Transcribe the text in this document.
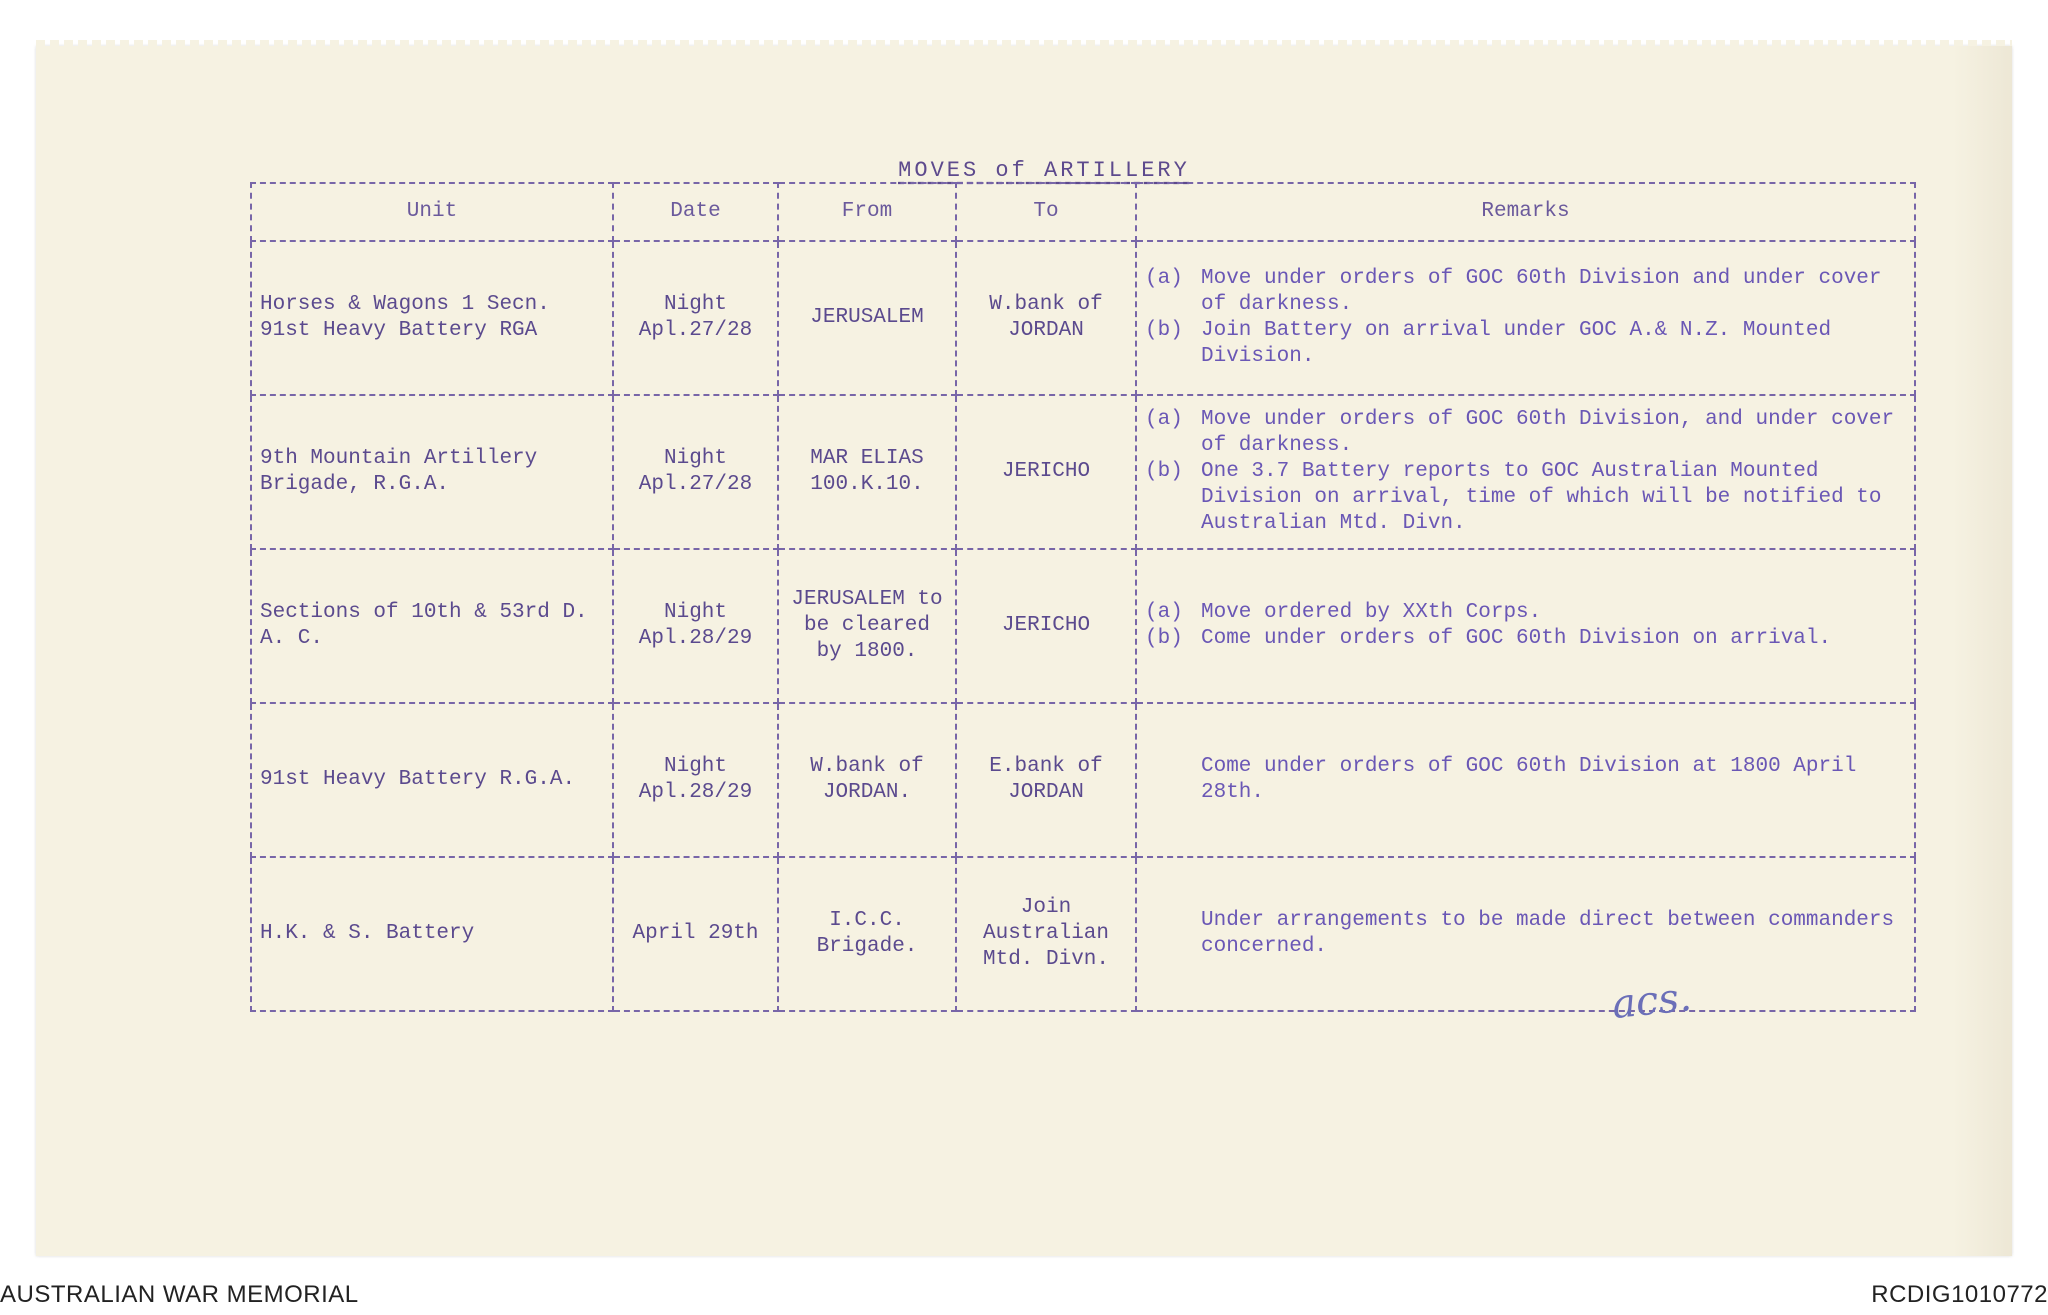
MOVES of ARTILLERY
Unit	Date	From	To	Remarks
Horses & Wagons 1 Secn. 91st Heavy Battery RGA	Night Apl.27/28	JERUSALEM	W.bank of JORDAN	(a) Move under orders of GOC 60th Division and under cover of darkness.
(b) Join Battery on arrival under GOC A.& N.Z. Mounted Division.

9th Mountain Artillery Brigade, R.G.A.	Night Apl.27/28	MAR ELIAS 100.K.10.	JERICHO	(a) Move under orders of GOC 60th Division, and under cover of darkness.
(b) One 3.7 Battery reports to GOC Australian Mounted Division on arrival, time of which will be notified to Australian Mtd. Divn.

Sections of 10th & 53rd D. A. C.	Night Apl.28/29	JERUSALEM to be cleared by 1800.	JERICHO	(a) Move ordered by XXth Corps.
(b) Come under orders of GOC 60th Division on arrival.

91st Heavy Battery R.G.A.	Night Apl.28/29	W.bank of JORDAN.	E.bank of JORDAN	Come under orders of GOC 60th Division at 1800 April 28th.

H.K. & S. Battery	April 29th	I.C.C. Brigade.	Join Australian Mtd. Divn.	Under arrangements to be made direct between commanders concerned.
acs.
AUSTRALIAN WAR MEMORIAL	RCDIG1010772
